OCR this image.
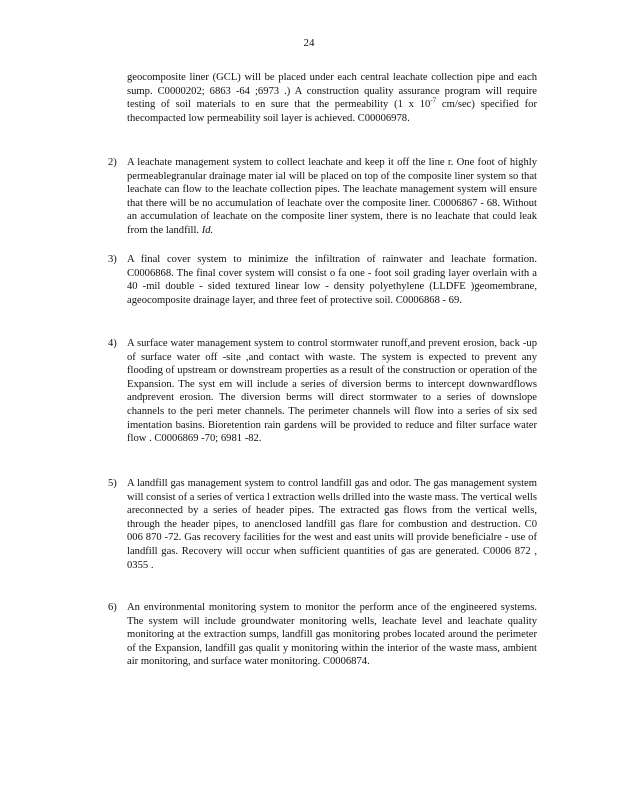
24

geocomposite liner (GCL) will be placed under each central leachate collection pipe and each sump. C0000202; 6863 -64 ;6973 .) A construction quality assurance program will require testing of soil materials to en sure that the permeability (1 x $10^{-7}$ cm/sec) specified for thecompacted low permeability soil layer is achieved. C00006978.

2) A leachate management system to collect leachate and keep it off the line r. One foot of highly permeablegranular drainage mater ial will be placed on top of the composite liner system so that leachate can flow to the leachate collection pipes. The leachate management system will ensure that there will be no accumulation of leachate over the composite liner. C0006867 - 68. Without an accumulation of leachate on the composite liner system, there is no leachate that could leak from the landfill. Id.

3) A final cover system to minimize the infiltration of rainwater and leachate formation. C0006868. The final cover system will consist o fa one - foot soil grading layer overlain with a 40 -mil double - sided textured linear low - density polyethylene (LLDFE )geomembrane, ageocomposite drainage layer, and three feet of protective soil. C0006868 - 69.

4) A surface water management system to control stormwater runoff,and prevent erosion, back -up of surface water off -site ,and contact with waste. The system is expected to prevent any flooding of upstream or downstream properties as a result of the construction or operation of the Expansion. The syst em will include a series of diversion berms to intercept downwardflows andprevent erosion. The diversion berms will direct stormwater to a series of downslope channels to the peri meter channels. The perimeter channels will flow into a series of six sed imentation basins. Bioretention rain gardens will be provided to reduce and filter surface water flow . C0006869 -70; 6981 -82.

5) A landfill gas management system to control landfill gas and odor. The gas management system will consist of a series of vertica l extraction wells drilled into the waste mass. The vertical wells areconnected by a series of header pipes. The extracted gas flows from the vertical wells, through the header pipes, to anenclosed landfill gas flare for combustion and destruction. C0 006 870 -72. Gas recovery facilities for the west and east units will provide beneficialre - use of landfill gas. Recovery will occur when sufficient quantities of gas are generated. C0006 872 , 0355 .

6) An environmental monitoring system to monitor the perform ance of the engineered systems. The system will include groundwater monitoring wells, leachate level and leachate quality monitoring at the extraction sumps, landfill gas monitoring probes located around the perimeter of the Expansion, landfill gas qualit y monitoring within the interior of the waste mass, ambient air monitoring, and surface water monitoring. C0006874.
